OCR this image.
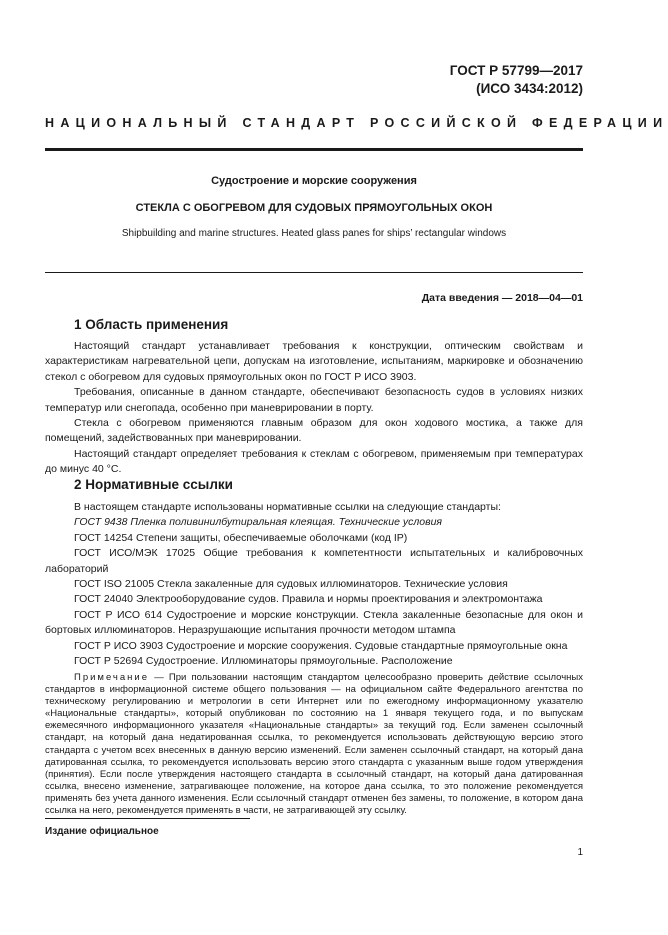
ГОСТ Р 57799—2017
(ИСО 3434:2012)
НАЦИОНАЛЬНЫЙ СТАНДАРТ РОССИЙСКОЙ ФЕДЕРАЦИИ
Судостроение и морские сооружения
СТЕКЛА С ОБОГРЕВОМ ДЛЯ СУДОВЫХ ПРЯМОУГОЛЬНЫХ ОКОН
Shipbuilding and marine structures. Heated glass panes for ships’ rectangular windows
Дата введения — 2018—04—01
1 Область применения

Настоящий стандарт устанавливает требования к конструкции, оптическим свойствам и характеристикам нагревательной цепи, допускам на изготовление, испытаниям, маркировке и обозначению стекол с обогревом для судовых прямоугольных окон по ГОСТ Р ИСО 3903.

Требования, описанные в данном стандарте, обеспечивают безопасность судов в условиях низких температур или снегопада, особенно при маневрировании в порту.

Стекла с обогревом применяются главным образом для окон ходового мостика, а также для помещений, задействованных при маневрировании.

Настоящий стандарт определяет требования к стеклам с обогревом, применяемым при температурах до минус 40 °С.

2 Нормативные ссылки

В настоящем стандарте использованы нормативные ссылки на следующие стандарты:

ГОСТ 9438 Пленка поливинилбутиральная клеящая. Технические условия

ГОСТ 14254 Степени защиты, обеспечиваемые оболочками (код IP)

ГОСТ ИСО/МЭК 17025 Общие требования к компетентности испытательных и калибровочных лабораторий

ГОСТ ISO 21005 Стекла закаленные для судовых иллюминаторов. Технические условия

ГОСТ 24040 Электрооборудование судов. Правила и нормы проектирования и электромонтажа

ГОСТ Р ИСО 614 Судостроение и морские конструкции. Стекла закаленные безопасные для окон и бортовых иллюминаторов. Неразрушающие испытания прочности методом штампа

ГОСТ Р ИСО 3903 Судостроение и морские сооружения. Судовые стандартные прямоугольные окна

ГОСТ Р 52694 Судостроение. Иллюминаторы прямоугольные. Расположение

Примечание — При пользовании настоящим стандартом целесообразно проверить действие ссылочных стандартов в информационной системе общего пользования — на официальном сайте Федерального агентства по техническому регулированию и метрологии в сети Интернет или по ежегодному информационному указателю «Национальные стандарты», который опубликован по состоянию на 1 января текущего года, и по выпускам ежемесячного информационного указателя «Национальные стандарты» за текущий год. Если заменен ссылочный стандарт, на который дана недатированная ссылка, то рекомендуется использовать действующую версию этого стандарта с учетом всех внесенных в данную версию изменений. Если заменен ссылочный стандарт, на который дана датированная ссылка, то рекомендуется использовать версию этого стандарта с указанным выше годом утверждения (принятия). Если после утверждения настоящего стандарта в ссылочный стандарт, на который дана датированная ссылка, внесено изменение, затрагивающее положение, на которое дана ссылка, то это положение рекомендуется применять без учета данного изменения. Если ссылочный стандарт отменен без замены, то положение, в котором дана ссылка на него, рекомендуется применять в части, не затрагивающей эту ссылку.

Издание официальное
1
